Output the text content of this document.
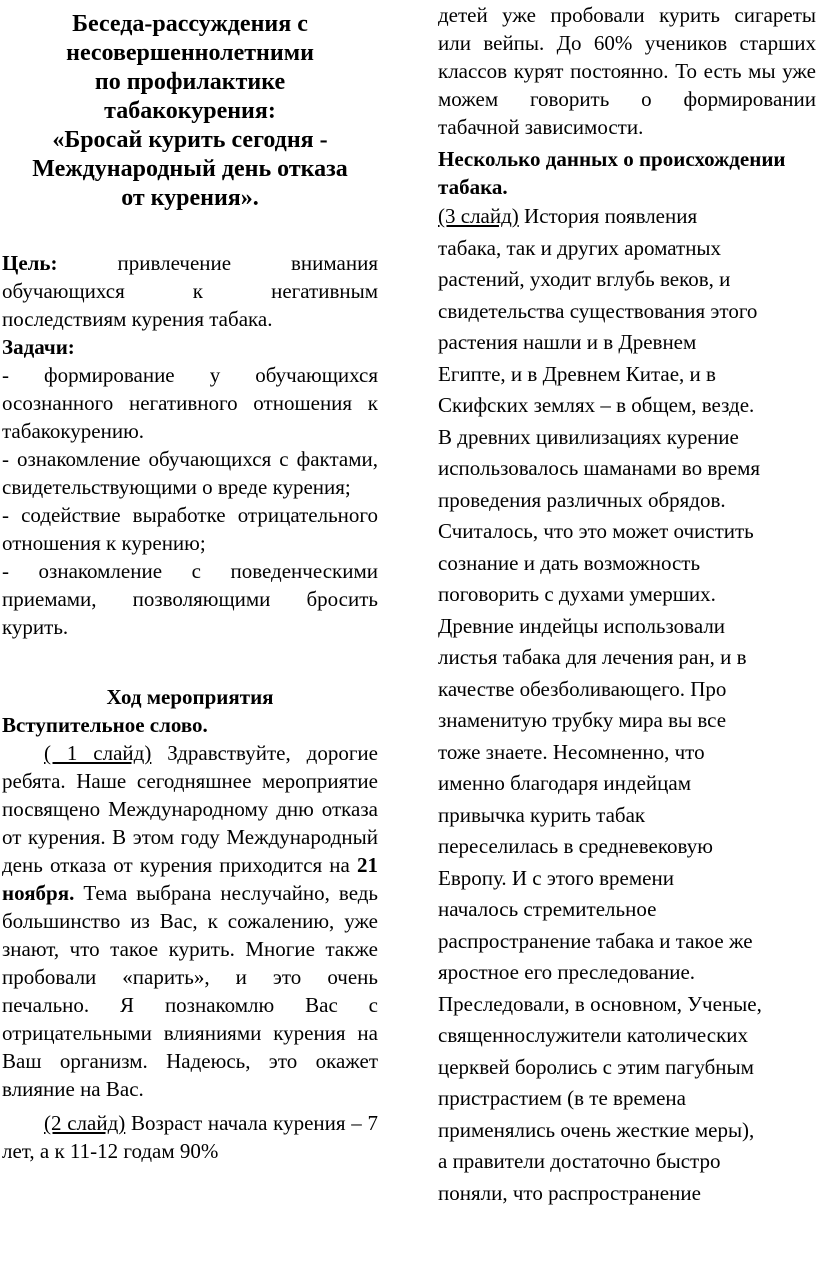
Беседа-рассуждения с
несовершеннолетними
по профилактике
табакокурения:
«Бросай курить сегодня -
Международный день отказа
от курения».

Цель:	привлечение внимания обучающихся к негативным последствиям курения табака.

Задачи:

- формирование у обучающихся осознанного негативного отношения к табакокурению.

- ознакомление обучающихся с фактами, свидетельствующими о вреде курения;

- содействие выработке отрицательного отношения к курению;

- ознакомление с поведенческими приемами, позволяющими бросить курить.

Ход мероприятия

Вступительное слово.

( 1 слайд) Здравствуйте, дорогие ребята. Наше сегодняшнее мероприятие посвящено Международному дню отказа от курения. В этом году Международный день отказа от курения приходится на 21 ноября. Тема выбрана неслучайно, ведь большинство из Вас, к сожалению, уже знают, что такое курить. Многие также пробовали «парить», и это очень печально. Я познакомлю Вас с отрицательными влияниями курения на Ваш организм. Надеюсь, это окажет влияние на Вас.

(2 слайд) Возраст начала курения – 7 лет, а к 11-12 годам 90%

детей уже пробовали курить сигареты или вейпы. До 60% учеников старших классов курят постоянно. То есть мы уже можем говорить о формировании табачной зависимости.

Несколько данных о происхождении табака.

(3 слайд) История появления
табака, так и других ароматных
растений, уходит вглубь веков, и
свидетельства существования этого
растения нашли и в Древнем
Египте, и в Древнем Китае, и в
Скифских землях – в общем, везде.
В древних цивилизациях курение
использовалось шаманами во время
проведения различных обрядов.
Считалось, что это может очистить
сознание и дать возможность
поговорить с духами умерших.
Древние индейцы использовали
листья табака для лечения ран, и в
качестве обезболивающего. Про
знаменитую трубку мира вы все
тоже знаете. Несомненно, что
именно благодаря индейцам
привычка курить табак
переселилась в средневековую
Европу. И с этого времени
началось стремительное
распространение табака и такое же
яростное его преследование.
Преследовали, в основном, Ученые,
священнослужители католических
церквей боролись с этим пагубным
пристрастием (в те времена
применялись очень жесткие меры),
а правители достаточно быстро
поняли, что распространение
